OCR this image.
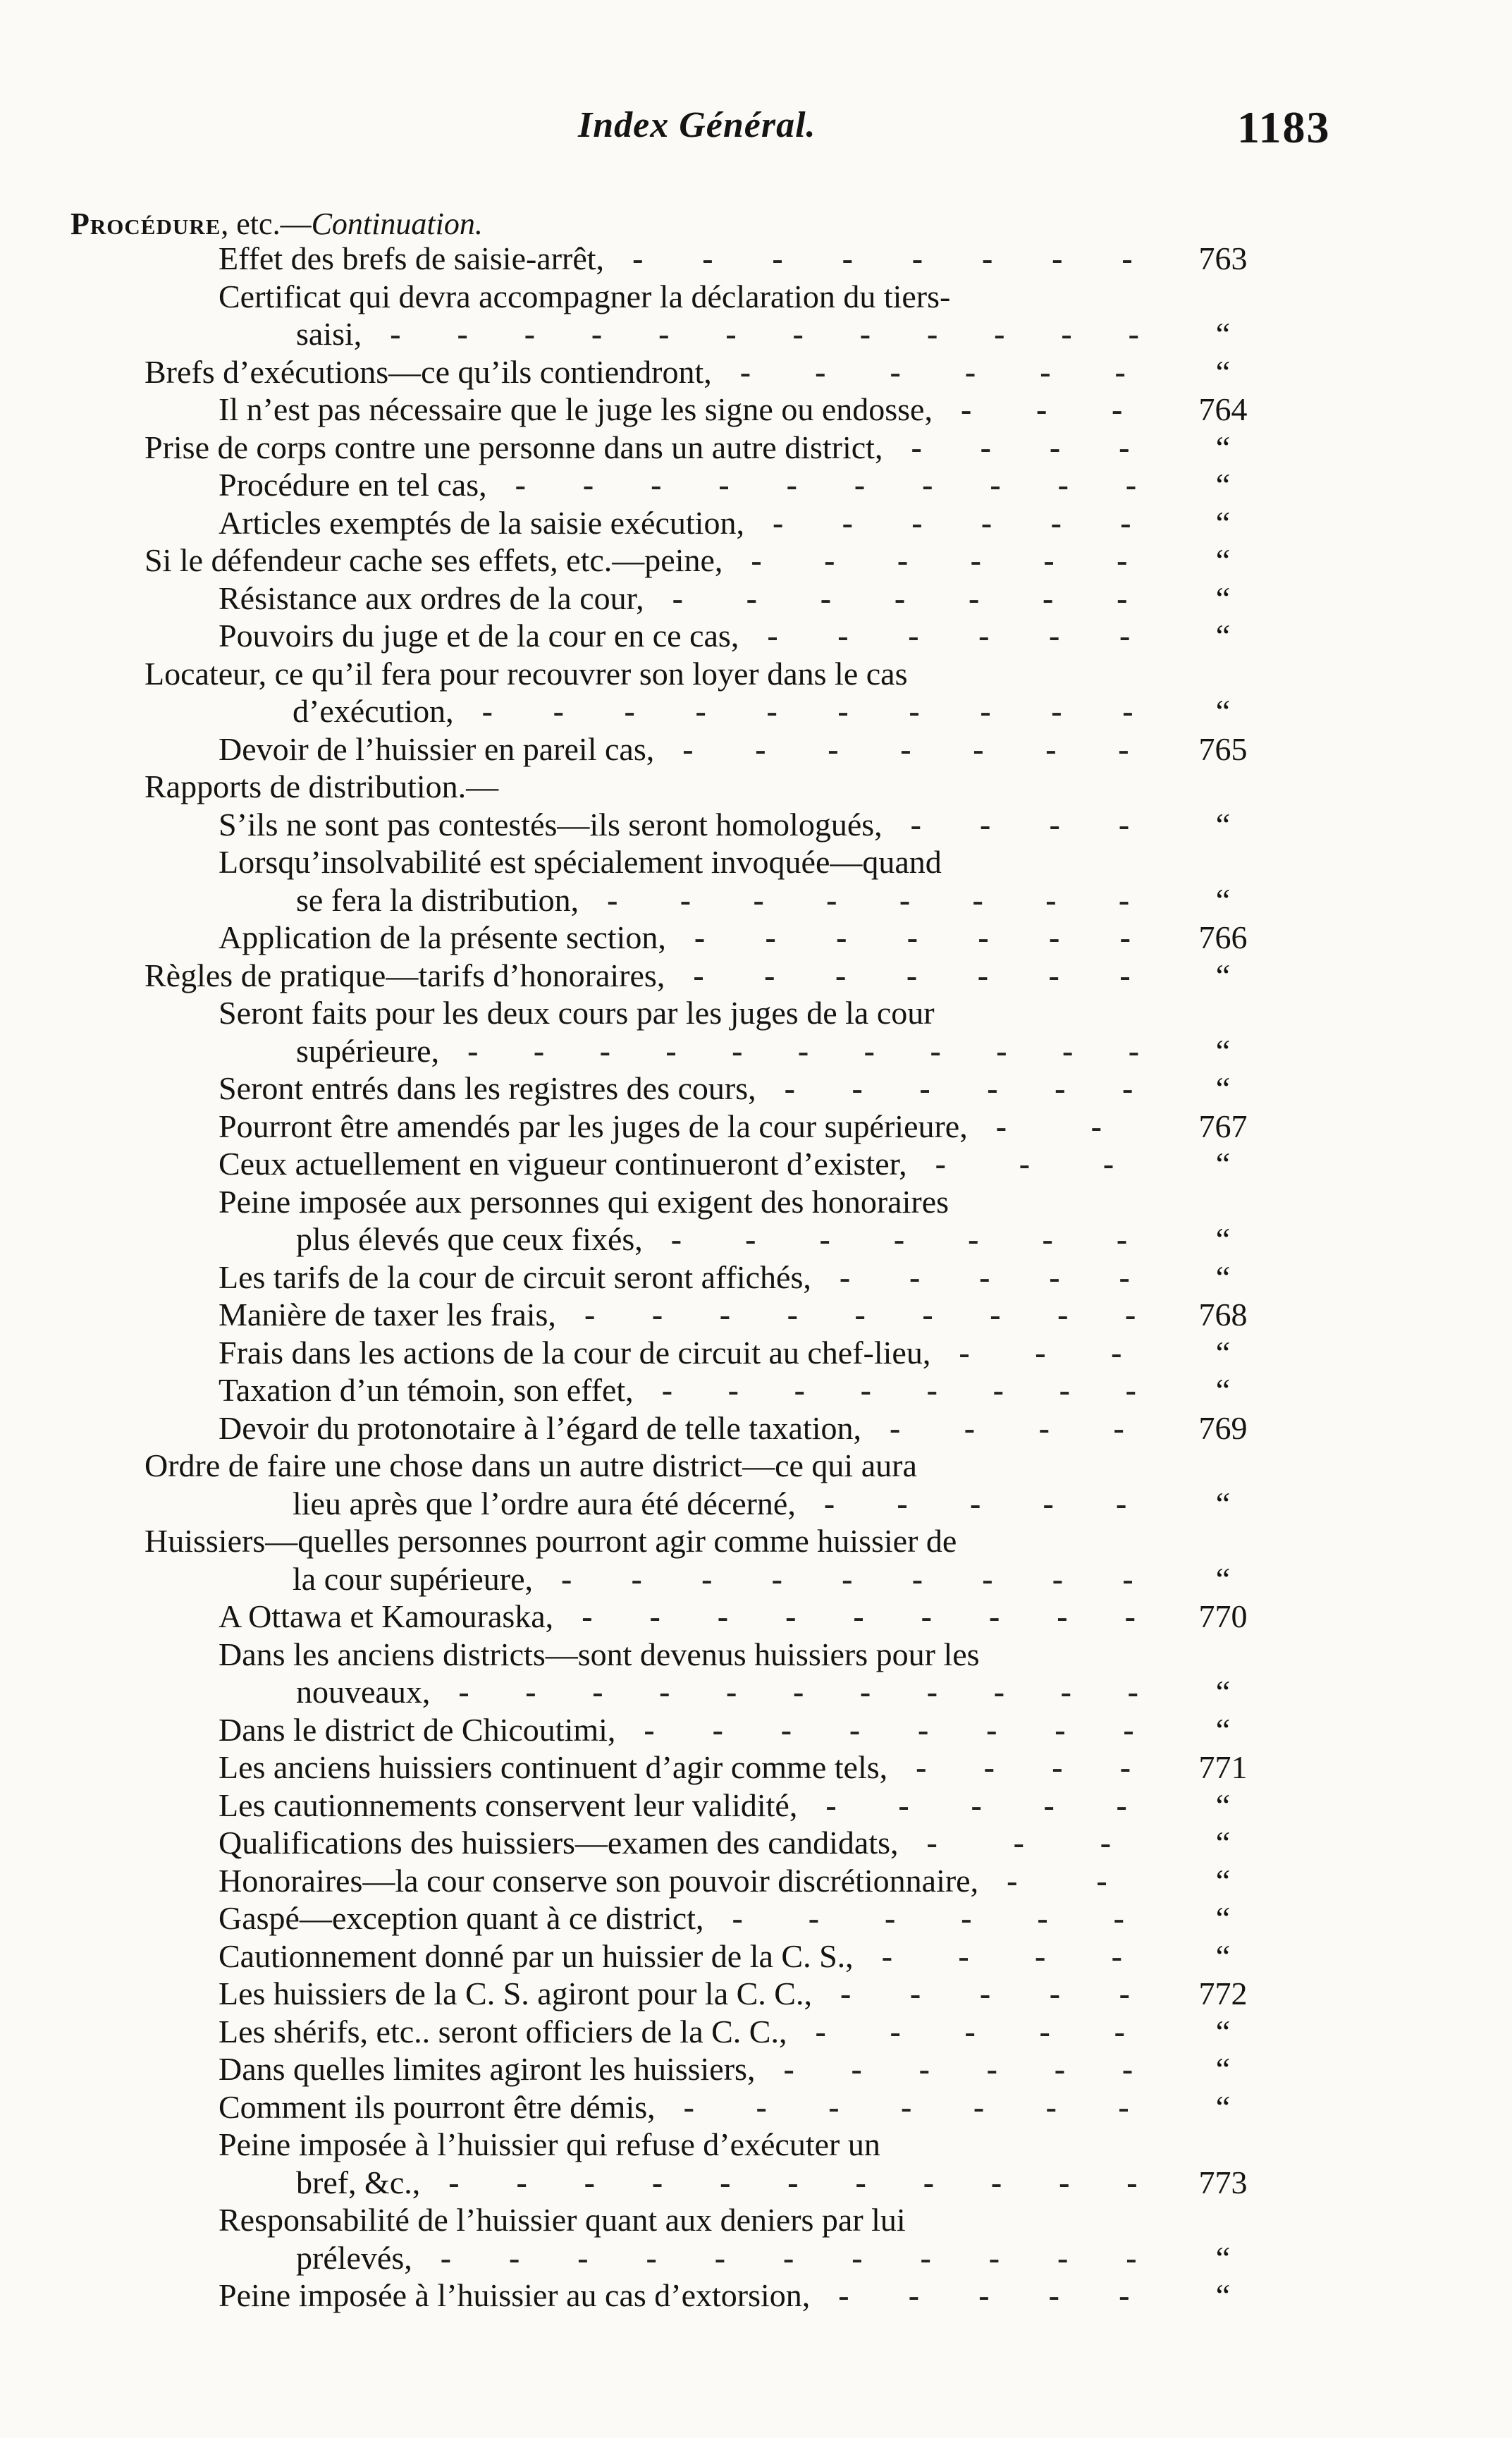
Index Général.	1183
Procédure, etc.—Continuation.
Effet des brefs de saisie-arrêt,	763
--------
Certificat qui devra accompagner la déclaration du tiers-
saisi,	“
------------
Brefs d’exécutions—ce qu’ils contiendront,	“
------
Il n’est pas nécessaire que le juge les signe ou endosse,	764
---
Prise de corps contre une personne dans un autre district,	“
----
Procédure en tel cas,	“
----------
Articles exemptés de la saisie exécution,	“
------
Si le défendeur cache ses effets, etc.—peine,	“
------
Résistance aux ordres de la cour,	“
-------
Pouvoirs du juge et de la cour en ce cas,	“
------
Locateur, ce qu’il fera pour recouvrer son loyer dans le cas
d’exécution,	“
----------
Devoir de l’huissier en pareil cas,	765
-------
Rapports de distribution.—
S’ils ne sont pas contestés—ils seront homologués,	“
----
Lorsqu’insolvabilité est spécialement invoquée—quand
se fera la distribution,	“
--------
Application de la présente section,	766
-------
Règles de pratique—tarifs d’honoraires,	“
-------
Seront faits pour les deux cours par les juges de la cour
supérieure,	“
-----------
Seront entrés dans les registres des cours,	“
------
Pourront être amendés par les juges de la cour supérieure,	767
--
Ceux actuellement en vigueur continueront d’exister,	“
---
Peine imposée aux personnes qui exigent des honoraires
plus élevés que ceux fixés,	“
-------
Les tarifs de la cour de circuit seront affichés,	“
-----
Manière de taxer les frais,	768
---------
Frais dans les actions de la cour de circuit au chef-lieu,	“
---
Taxation d’un témoin, son effet,	“
--------
Devoir du protonotaire à l’égard de telle taxation,	769
----
Ordre de faire une chose dans un autre district—ce qui aura
lieu après que l’ordre aura été décerné,	“
-----
Huissiers—quelles personnes pourront agir comme huissier de
la cour supérieure,	“
---------
A Ottawa et Kamouraska,	770
---------
Dans les anciens districts—sont devenus huissiers pour les
nouveaux,	“
-----------
Dans le district de Chicoutimi,	“
--------
Les anciens huissiers continuent d’agir comme tels,	771
----
Les cautionnements conservent leur validité,	“
-----
Qualifications des huissiers—examen des candidats,	“
---
Honoraires—la cour conserve son pouvoir discrétionnaire,	“
--
Gaspé—exception quant à ce district,	“
------
Cautionnement donné par un huissier de la C. S.,	“
----
Les huissiers de la C. S. agiront pour la C. C.,	772
-----
Les shérifs, etc.. seront officiers de la C. C.,	“
-----
Dans quelles limites agiront les huissiers,	“
------
Comment ils pourront être démis,	“
-------
Peine imposée à l’huissier qui refuse d’exécuter un
bref, &c.,	773
-----------
Responsabilité de l’huissier quant aux deniers par lui
prélevés,	“
-----------
Peine imposée à l’huissier au cas d’extorsion,	“
-----
